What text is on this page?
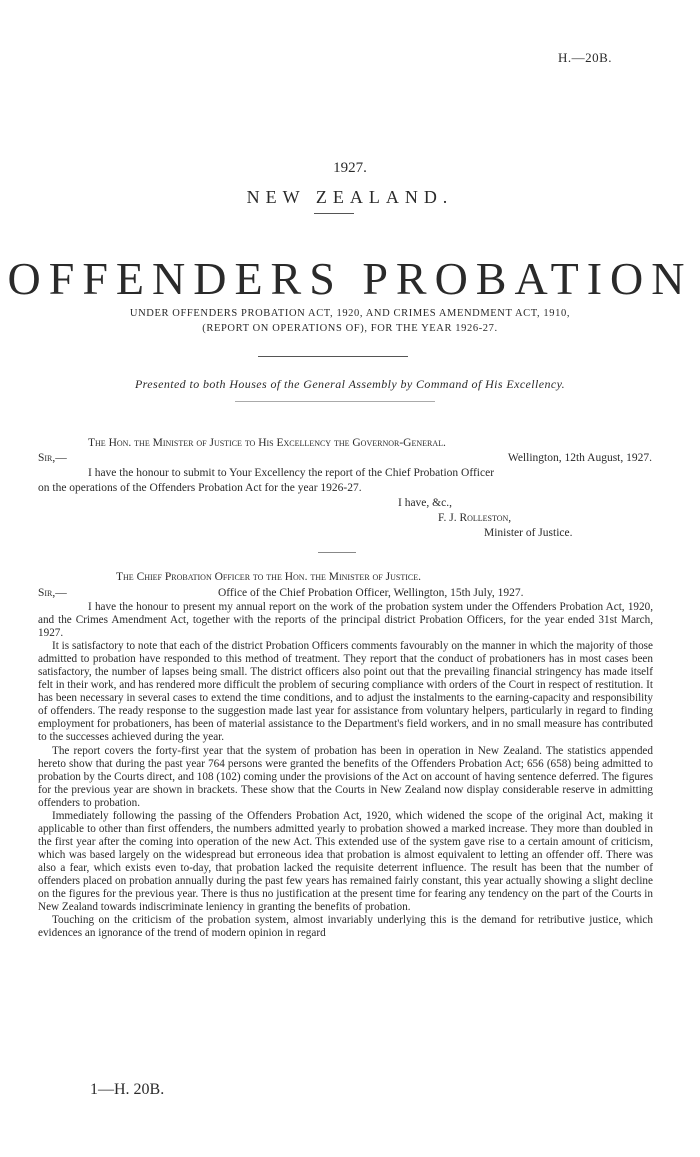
H.—20B.
1927.
NEW ZEALAND.
OFFENDERS PROBATION
UNDER OFFENDERS PROBATION ACT, 1920, AND CRIMES AMENDMENT ACT, 1910,
(REPORT ON OPERATIONS OF), FOR THE YEAR 1926-27.
Presented to both Houses of the General Assembly by Command of His Excellency.
The Hon. the Minister of Justice to His Excellency the Governor-General.
Sir,—	Wellington, 12th August, 1927.
I have the honour to submit to Your Excellency the report of the Chief Probation Officer
on the operations of the Offenders Probation Act for the year 1926-27.
I have, &c.,
F. J. Rolleston,
Minister of Justice.
The Chief Probation Officer to the Hon. the Minister of Justice.
Sir,—	Office of the Chief Probation Officer, Wellington, 15th July, 1927.

I have the honour to present my annual report on the work of the probation system under the Offenders Probation Act, 1920, and the Crimes Amendment Act, together with the reports of the principal district Probation Officers, for the year ended 31st March, 1927.

It is satisfactory to note that each of the district Probation Officers comments favourably on the manner in which the majority of those admitted to probation have responded to this method of treatment. They report that the conduct of probationers has in most cases been satisfactory, the number of lapses being small. The district officers also point out that the prevailing financial stringency has made itself felt in their work, and has rendered more difficult the problem of securing compliance with orders of the Court in respect of restitution. It has been necessary in several cases to extend the time conditions, and to adjust the instalments to the earning-capacity and responsibility of offenders. The ready response to the suggestion made last year for assistance from voluntary helpers, particularly in regard to finding employment for probationers, has been of material assistance to the Department's field workers, and in no small measure has contributed to the successes achieved during the year.

The report covers the forty-first year that the system of probation has been in operation in New Zealand. The statistics appended hereto show that during the past year 764 persons were granted the benefits of the Offenders Probation Act; 656 (658) being admitted to probation by the Courts direct, and 108 (102) coming under the provisions of the Act on account of having sentence deferred. The figures for the previous year are shown in brackets. These show that the Courts in New Zealand now display considerable reserve in admitting offenders to probation.

Immediately following the passing of the Offenders Probation Act, 1920, which widened the scope of the original Act, making it applicable to other than first offenders, the numbers admitted yearly to probation showed a marked increase. They more than doubled in the first year after the coming into operation of the new Act. This extended use of the system gave rise to a certain amount of criticism, which was based largely on the widespread but erroneous idea that probation is almost equivalent to letting an offender off. There was also a fear, which exists even to-day, that probation lacked the requisite deterrent influence. The result has been that the number of offenders placed on probation annually during the past few years has remained fairly constant, this year actually showing a slight decline on the figures for the previous year. There is thus no justification at the present time for fearing any tendency on the part of the Courts in New Zealand towards indiscriminate leniency in granting the benefits of probation.

Touching on the criticism of the probation system, almost invariably underlying this is the demand for retributive justice, which evidences an ignorance of the trend of modern opinion in regard

1—H. 20B.
